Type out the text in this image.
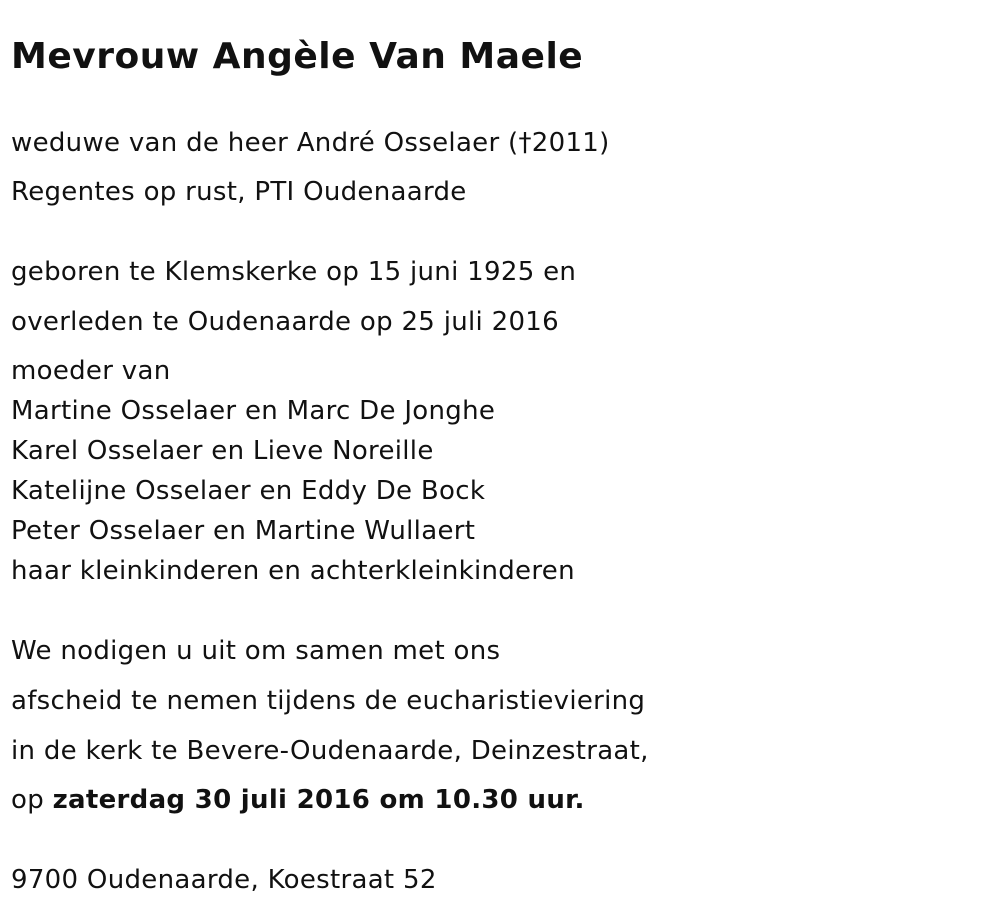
Mevrouw Angèle Van Maele
weduwe van de heer André Osselaer (†2011)
Regentes op rust, PTI Oudenaarde
geboren te Klemskerke op 15 juni 1925 en
overleden te Oudenaarde op 25 juli 2016
moeder van
Martine Osselaer en Marc De Jonghe
Karel Osselaer en Lieve Noreille
Katelijne Osselaer en Eddy De Bock
Peter Osselaer en Martine Wullaert
haar kleinkinderen en achterkleinkinderen
We nodigen u uit om samen met ons
afscheid te nemen tijdens de eucharistieviering
in de kerk te Bevere-Oudenaarde, Deinzestraat,
op zaterdag 30 juli 2016 om 10.30 uur.
9700 Oudenaarde, Koestraat 52
